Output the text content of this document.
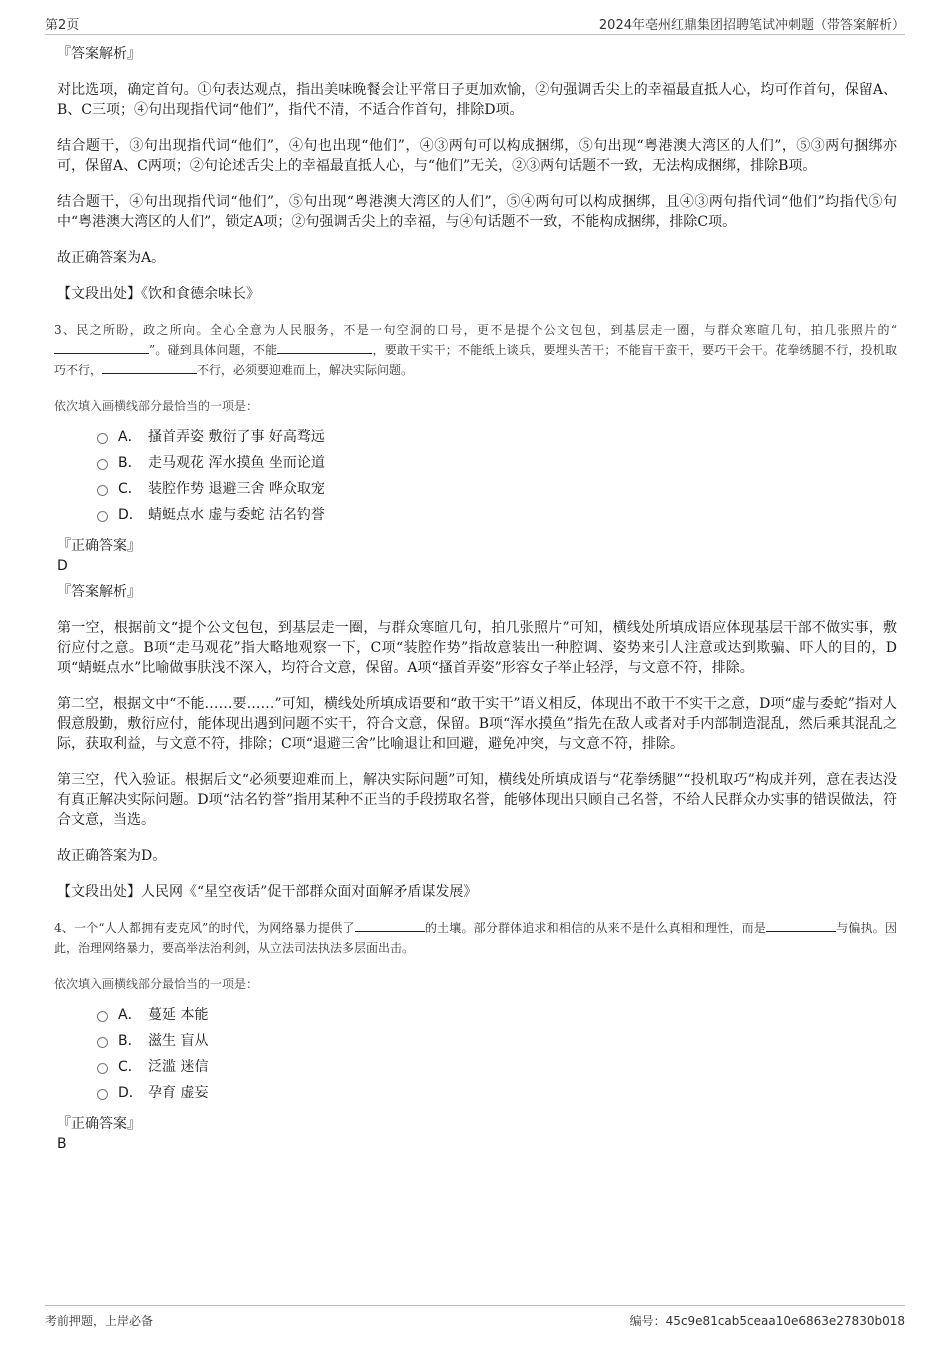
第2页	2024年亳州红鼎集团招聘笔试冲刺题（带答案解析）

『答案解析』

对比选项，确定首句。①句表达观点，指出美味晚餐会让平常日子更加欢愉，②句强调舌尖上的幸福最直抵人心，均可作首句，保留A、B、C三项；④句出现指代词“他们”，指代不清，不适合作首句，排除D项。

结合题干，③句出现指代词“他们”，④句也出现“他们”，④③两句可以构成捆绑，⑤句出现“粤港澳大湾区的人们”，⑤③两句捆绑亦可，保留A、C两项；②句论述舌尖上的幸福最直抵人心，与“他们”无关，②③两句话题不一致，无法构成捆绑，排除B项。

结合题干，④句出现指代词“他们”，⑤句出现“粤港澳大湾区的人们”，⑤④两句可以构成捆绑，且④③两句指代词“他们”均指代⑤句中“粤港澳大湾区的人们”，锁定A项；②句强调舌尖上的幸福，与④句话题不一致，不能构成捆绑，排除C项。

故正确答案为A。

【文段出处】《饮和食德余味长》

3、民之所盼，政之所向。全心全意为人民服务，不是一句空洞的口号，更不是提个公文包包，到基层走一圈，与群众寒暄几句，拍几张照片的“”。碰到具体问题，不能	，要敢干实干；不能纸上谈兵，要埋头苦干；不能盲干蛮干，要巧干会干。花拳绣腿不行，投机取巧不行，	不行，必须要迎难而上，解决实际问题。

依次填入画横线部分最恰当的一项是：

A． 搔首弄姿 敷衍了事 好高骛远
B． 走马观花 浑水摸鱼 坐而论道
C． 装腔作势 退避三舍 哗众取宠
D． 蜻蜓点水 虚与委蛇 沽名钓誉

『正确答案』

D

『答案解析』

第一空，根据前文“提个公文包包，到基层走一圈，与群众寒暄几句，拍几张照片”可知，横线处所填成语应体现基层干部不做实事，敷衍应付之意。B项“走马观花”指大略地观察一下，C项“装腔作势”指故意装出一种腔调、姿势来引人注意或达到欺骗、吓人的目的，D项“蜻蜓点水”比喻做事肤浅不深入，均符合文意，保留。A项“搔首弄姿”形容女子举止轻浮，与文意不符，排除。

第二空，根据文中“不能……要……”可知，横线处所填成语要和“敢干实干”语义相反，体现出不敢干不实干之意，D项“虚与委蛇”指对人假意殷勤，敷衍应付，能体现出遇到问题不实干，符合文意，保留。B项“浑水摸鱼”指先在敌人或者对手内部制造混乱，然后乘其混乱之际，获取利益，与文意不符，排除；C项“退避三舍”比喻退让和回避，避免冲突，与文意不符，排除。

第三空，代入验证。根据后文“必须要迎难而上，解决实际问题”可知，横线处所填成语与“花拳绣腿”“投机取巧”构成并列，意在表达没有真正解决实际问题。D项“沽名钓誉”指用某种不正当的手段捞取名誉，能够体现出只顾自己名誉，不给人民群众办实事的错误做法，符合文意，当选。

故正确答案为D。

【文段出处】人民网《“星空夜话”促干部群众面对面解矛盾谋发展》

4、一个“人人都拥有麦克风”的时代，为网络暴力提供了	的土壤。部分群体追求和相信的从来不是什么真相和理性，而是	与偏执。因此，治理网络暴力，要高举法治利剑，从立法司法执法多层面出击。

依次填入画横线部分最恰当的一项是：

A． 蔓延 本能
B． 滋生 盲从
C． 泛滥 迷信
D． 孕育 虚妄

『正确答案』

B

考前押题，上岸必备	编号：45c9e81cab5ceaa10e6863e27830b018
